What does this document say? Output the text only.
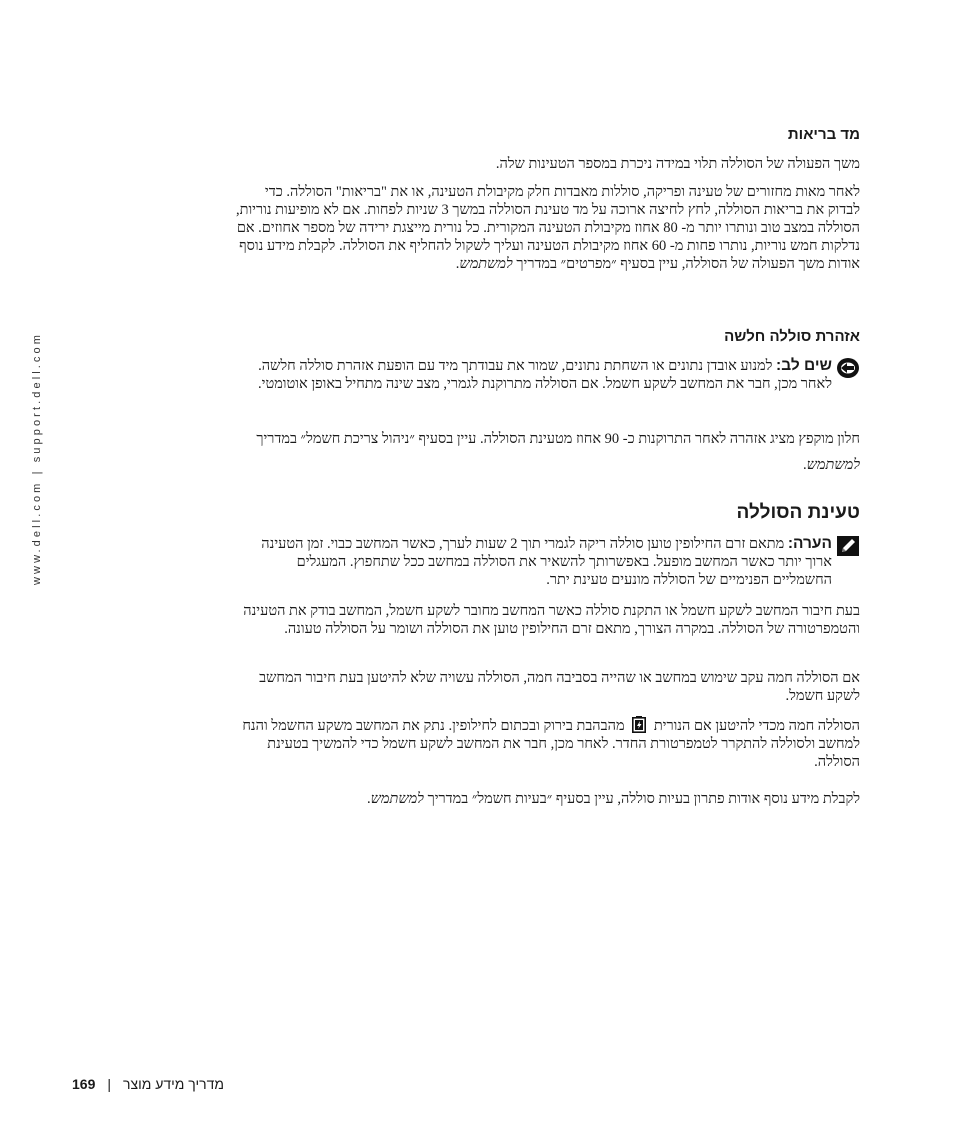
www.dell.com | support.dell.com
מד בריאות

משך הפעולה של הסוללה תלוי במידה ניכרת במספר הטעינות שלה.

לאחר מאות מחזורים של טעינה ופריקה, סוללות מאבדות חלק מקיבולת הטעינה, או את "בריאות" הסוללה. כדי לבדוק את בריאות הסוללה, לחץ לחיצה ארוכה על מד טעינת הסוללה במשך 3 שניות לפחות. אם לא מופיעות נוריות, הסוללה במצב טוב ונותרו יותר מ- 80 אחוז מקיבולת הטעינה המקורית. כל נורית מייצגת ירידה של מספר אחוזים. אם נדלקות חמש נוריות, נותרו פחות מ- 60 אחוז מקיבולת הטעינה ועליך לשקול להחליף את הסוללה. לקבלת מידע נוסף אודות משך הפעולה של הסוללה, עיין בסעיף ״מפרטים״ במדריך למשתמש.

אזהרת סוללה חלשה

שים לב: למנוע אובדן נתונים או השחתת נתונים, שמור את עבודתך מיד עם הופעת אזהרת סוללה חלשה. לאחר מכן, חבר את המחשב לשקע חשמל. אם הסוללה מתרוקנת לגמרי, מצב שינה מתחיל באופן אוטומטי.

חלון מוקפץ מציג אזהרה לאחר התרוקנות כ- 90 אחוז מטעינת הסוללה. עיין בסעיף ״ניהול צריכת חשמל״ במדריך למשתמש.

טעינת הסוללה

הערה: מתאם זרם החילופין טוען סוללה ריקה לגמרי תוך 2 שעות לערך, כאשר המחשב כבוי. זמן הטעינה ארוך יותר כאשר המחשב מופעל. באפשרותך להשאיר את הסוללה במחשב ככל שתחפוץ. המעגלים החשמליים הפנימיים של הסוללה מונעים טעינת יתר.

בעת חיבור המחשב לשקע חשמל או התקנת סוללה כאשר המחשב מחובר לשקע חשמל, המחשב בודק את הטעינה והטמפרטורה של הסוללה. במקרה הצורך, מתאם זרם החילופין טוען את הסוללה ושומר על הסוללה טעונה.

אם הסוללה חמה עקב שימוש במחשב או שהייה בסביבה חמה, הסוללה עשויה שלא להיטען בעת חיבור המחשב לשקע חשמל.

הסוללה חמה מכדי להיטען אם הנורית  מהבהבת בירוק ובכתום לחילופין. נתק את המחשב משקע החשמל והנח למחשב ולסוללה להתקרר לטמפרטורת החדר. לאחר מכן, חבר את המחשב לשקע חשמל כדי להמשיך בטעינת הסוללה.

לקבלת מידע נוסף אודות פתרון בעיות סוללה, עיין בסעיף ״בעיות חשמל״ במדריך למשתמש.

169 | מדריך מידע מוצר
